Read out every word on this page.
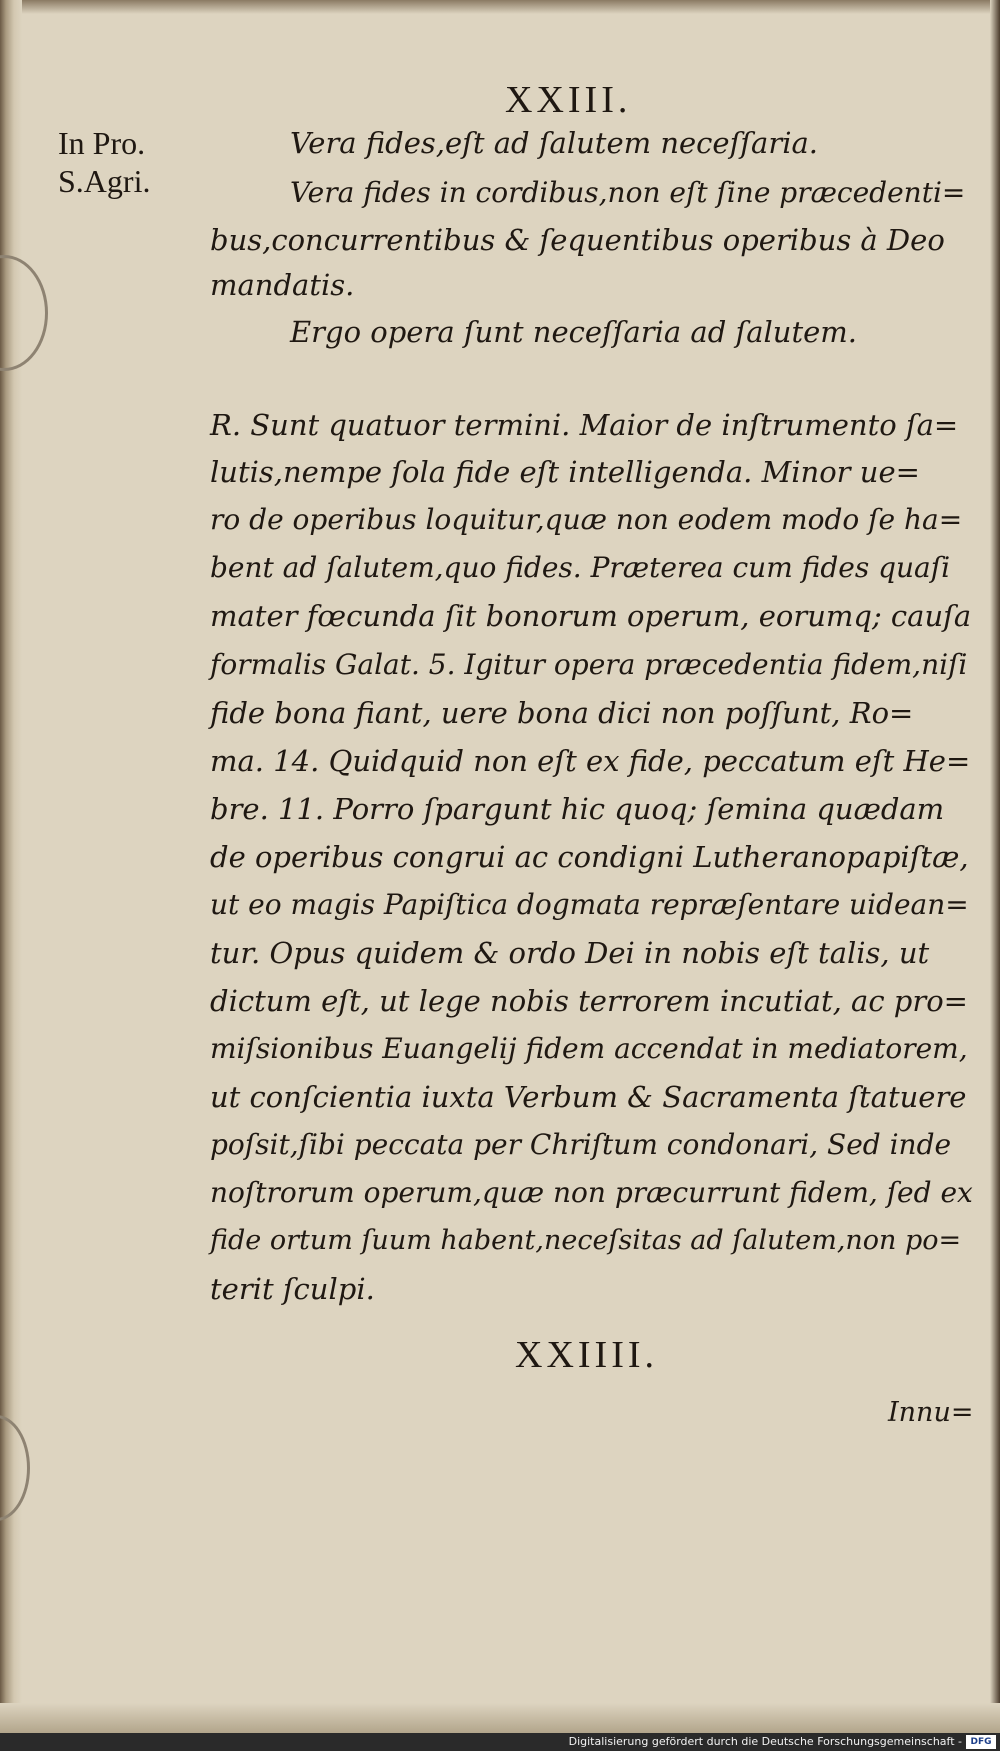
XXIII.
In Pro.
S.Agri.
Vera fides,eſt ad ſalutem neceſſaria.
Vera fides in cordibus,non eſt ſine præcedenti=
bus,concurrentibus & ſequentibus operibus à Deo
mandatis.
Ergo opera ſunt neceſſaria ad ſalutem.
R. Sunt quatuor termini. Maior de inſtrumento ſa=
lutis,nempe ſola fide eſt intelligenda. Minor ue=
ro de operibus loquitur,quæ non eodem modo ſe ha=
bent ad ſalutem,quo fides. Præterea cum fides quaſi
mater fœcunda ſit bonorum operum, eorumq; cauſa
formalis Galat. 5. Igitur opera præcedentia fidem,niſi
fide bona fiant, uere bona dici non poſſunt, Ro=
ma. 14. Quidquid non eſt ex fide, peccatum eſt He=
bre. 11. Porro ſpargunt hic quoq; ſemina quædam
de operibus congrui ac condigni Lutheranopapiſtæ,
ut eo magis Papiſtica dogmata repræſentare uidean=
tur. Opus quidem & ordo Dei in nobis eſt talis, ut
dictum eſt, ut lege nobis terrorem incutiat, ac pro=
miſsionibus Euangelij fidem accendat in mediatorem,
ut conſcientia iuxta Verbum & Sacramenta ſtatuere
poſsit,ſibi peccata per Chriſtum condonari, Sed inde
noſtrorum operum,quæ non præcurrunt fidem, ſed ex
fide ortum ſuum habent,neceſsitas ad ſalutem,non po=
terit ſculpi.
XXIIII.
Innu=
Digitalisierung gefördert durch die Deutsche Forschungsgemeinschaft - DFG
